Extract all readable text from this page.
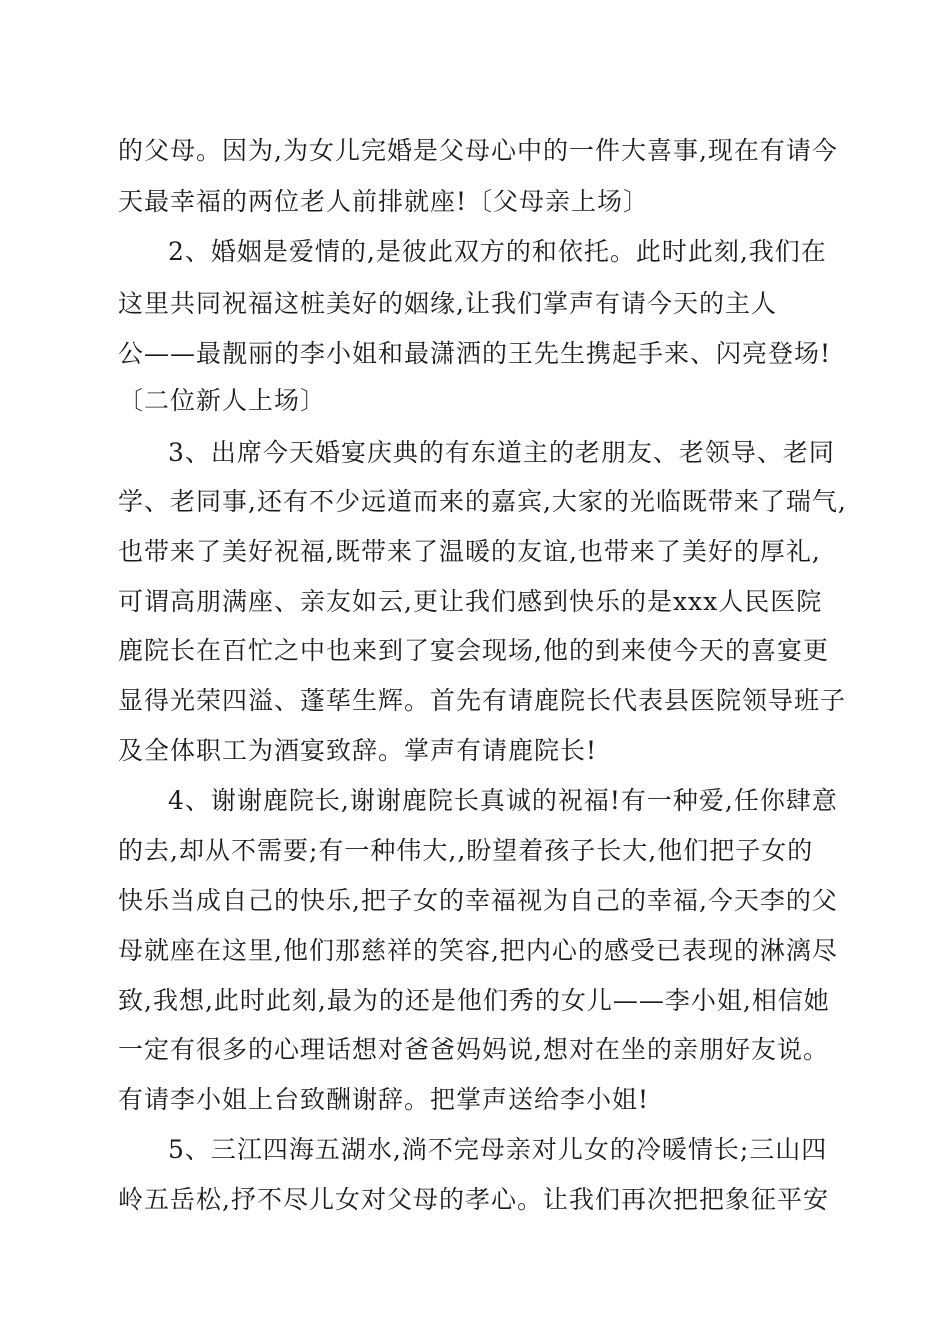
的父母。因为,为女儿完婚是父母心中的一件大喜事,现在有请今
天最幸福的两位老人前排就座!〔父母亲上场〕
2、婚姻是爱情的,是彼此双方的和依托。此时此刻,我们在
这里共同祝福这桩美好的姻缘,让我们掌声有请今天的主人
公——最靓丽的李小姐和最潇洒的王先生携起手来、闪亮登场!
〔二位新人上场〕
3、出席今天婚宴庆典的有东道主的老朋友、老领导、老同
学、老同事,还有不少远道而来的嘉宾,大家的光临既带来了瑞气,
也带来了美好祝福,既带来了温暖的友谊,也带来了美好的厚礼,
可谓高朋满座、亲友如云,更让我们感到快乐的是xxx人民医院
鹿院长在百忙之中也来到了宴会现场,他的到来使今天的喜宴更
显得光荣四溢、蓬荜生辉。首先有请鹿院长代表县医院领导班子
及全体职工为酒宴致辞。掌声有请鹿院长!
4、谢谢鹿院长,谢谢鹿院长真诚的祝福!有一种爱,任你肆意
的去,却从不需要;有一种伟大,,盼望着孩子长大,他们把子女的
快乐当成自己的快乐,把子女的幸福视为自己的幸福,今天李的父
母就座在这里,他们那慈祥的笑容,把内心的感受已表现的淋漓尽
致,我想,此时此刻,最为的还是他们秀的女儿——李小姐,相信她
一定有很多的心理话想对爸爸妈妈说,想对在坐的亲朋好友说。
有请李小姐上台致酬谢辞。把掌声送给李小姐!
5、三江四海五湖水,淌不完母亲对儿女的冷暖情长;三山四
岭五岳松,抒不尽儿女对父母的孝心。让我们再次把把象征平安
